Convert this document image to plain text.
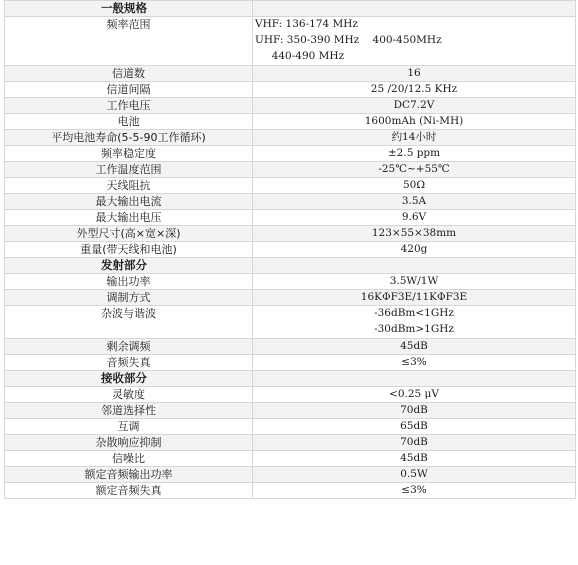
一般规格	
频率范围	VHF: 136-174 MHz
UHF: 350-390 MHz    400-450MHz
440-490 MHz

信道数	16
信道间隔	25 /20/12.5 KHz
工作电压	DC7.2V
电池	1600mAh (Ni-MH)
平均电池寿命(5-5-90工作循环)	约14小时
频率稳定度	±2.5 ppm
工作温度范围	-25℃~+55℃
天线阻抗	50Ω
最大输出电流	3.5A
最大输出电压	9.6V
外型尺寸(高×宽×深)	123×55×38mm
重量(带天线和电池)	420g
发射部分	
输出功率	3.5W/1W
调制方式	16KΦF3E/11KΦF3E
杂波与谐波	-36dBm<1GHz
-30dBm>1GHz

剩余调频	45dB
音频失真	≤3%
接收部分	
灵敏度	<0.25 μV
邻道选择性	70dB
互调	65dB
杂散响应抑制	70dB
信噪比	45dB
额定音频输出功率	0.5W
额定音频失真	≤3%
